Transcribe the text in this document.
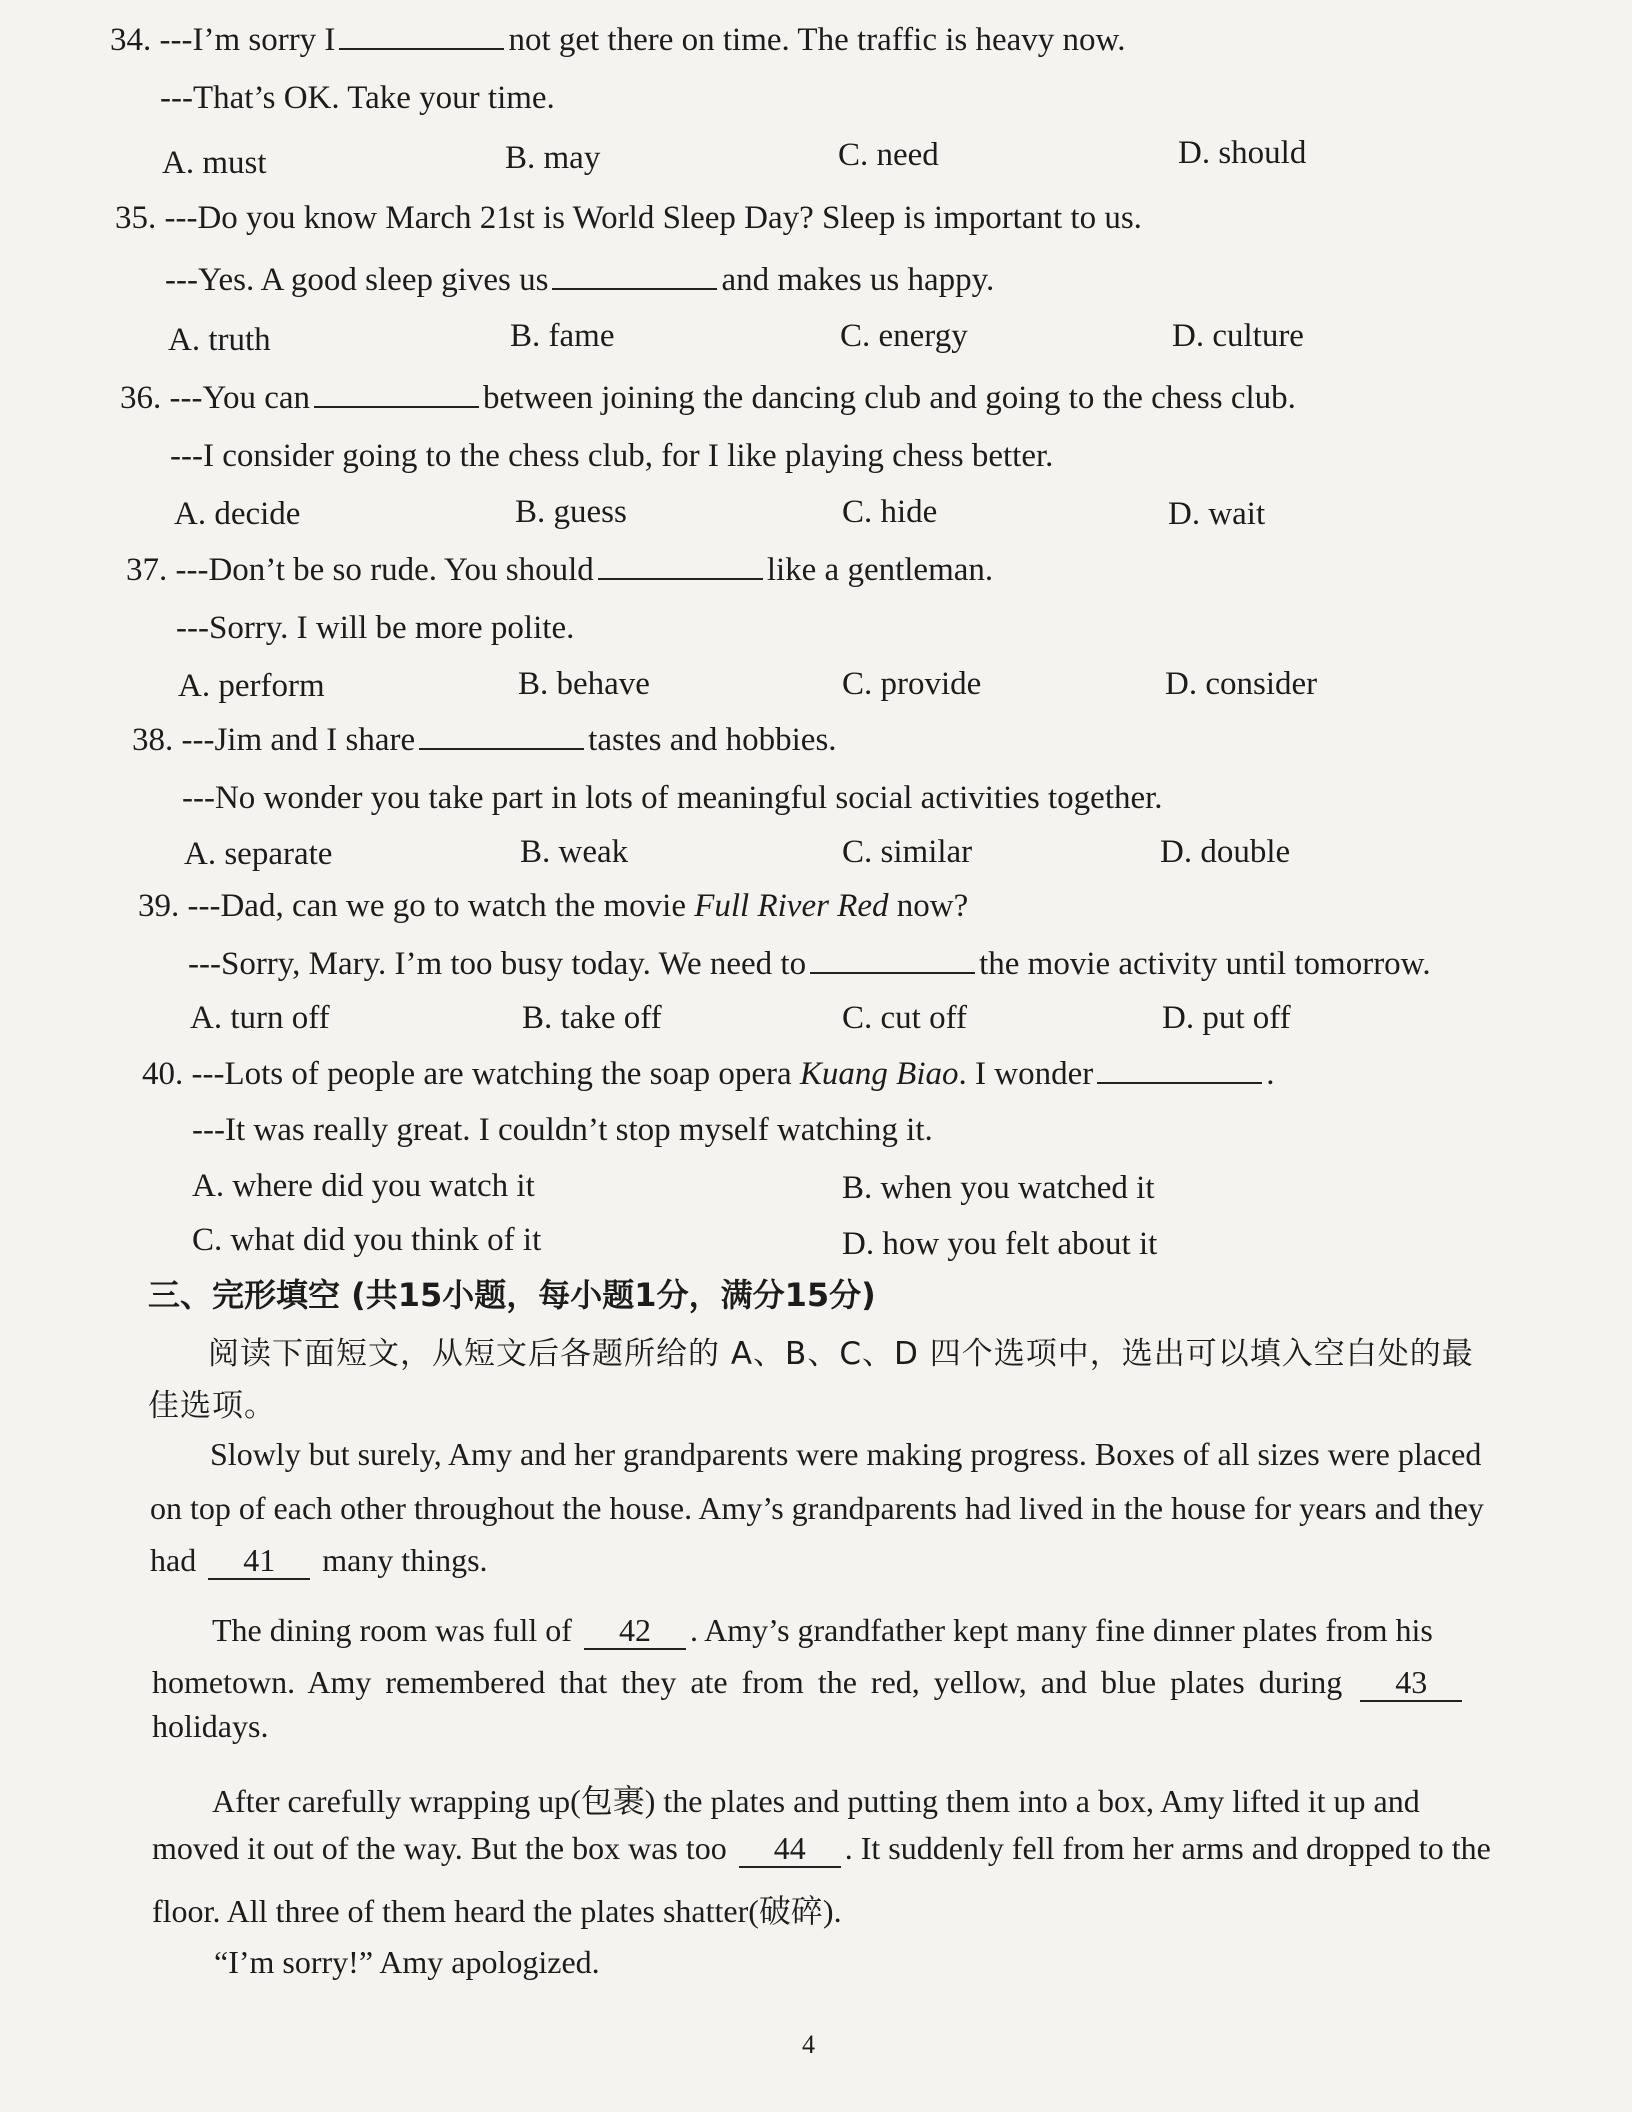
34. ---I’m sorry I	not get there on time. The traffic is heavy now.
---That’s OK. Take your time.
A. must	B. may	C. need	D. should
35. ---Do you know March 21st is World Sleep Day? Sleep is important to us.
---Yes. A good sleep gives us	and makes us happy.
A. truth	B. fame	C. energy	D. culture
36. ---You can	between joining the dancing club and going to the chess club.
---I consider going to the chess club, for I like playing chess better.
A. decide	B. guess	C. hide	D. wait
37. ---Don’t be so rude. You should	like a gentleman.
---Sorry. I will be more polite.
A. perform	B. behave	C. provide	D. consider
38. ---Jim and I share	tastes and hobbies.
---No wonder you take part in lots of meaningful social activities together.
A. separate	B. weak	C. similar	D. double
39. ---Dad, can we go to watch the movie Full River Red now?
---Sorry, Mary. I’m too busy today. We need to	the movie activity until tomorrow.
A. turn off	B. take off	C. cut off	D. put off
40. ---Lots of people are watching the soap opera Kuang Biao. I wonder	.
---It was really great. I couldn’t stop myself watching it.
A. where did you watch it	B. when you watched it
C. what did you think of it	D. how you felt about it
三、完形填空 (共15小题，每小题1分，满分15分)
阅读下面短文，从短文后各题所给的 A、B、C、D 四个选项中，选出可以填入空白处的最
佳选项。
Slowly but surely, Amy and her grandparents were making progress. Boxes of all sizes were placed
on top of each other throughout the house. Amy’s grandparents had lived in the house for years and they
had 41 many things.
The dining room was full of 42 . Amy’s grandfather kept many fine dinner plates from his
hometown. Amy remembered that they ate from the red, yellow, and blue plates during 43
holidays.
After carefully wrapping up(包裹) the plates and putting them into a box, Amy lifted it up and
moved it out of the way. But the box was too 44 . It suddenly fell from her arms and dropped to the
floor. All three of them heard the plates shatter(破碎).
“I’m sorry!” Amy apologized.
4
